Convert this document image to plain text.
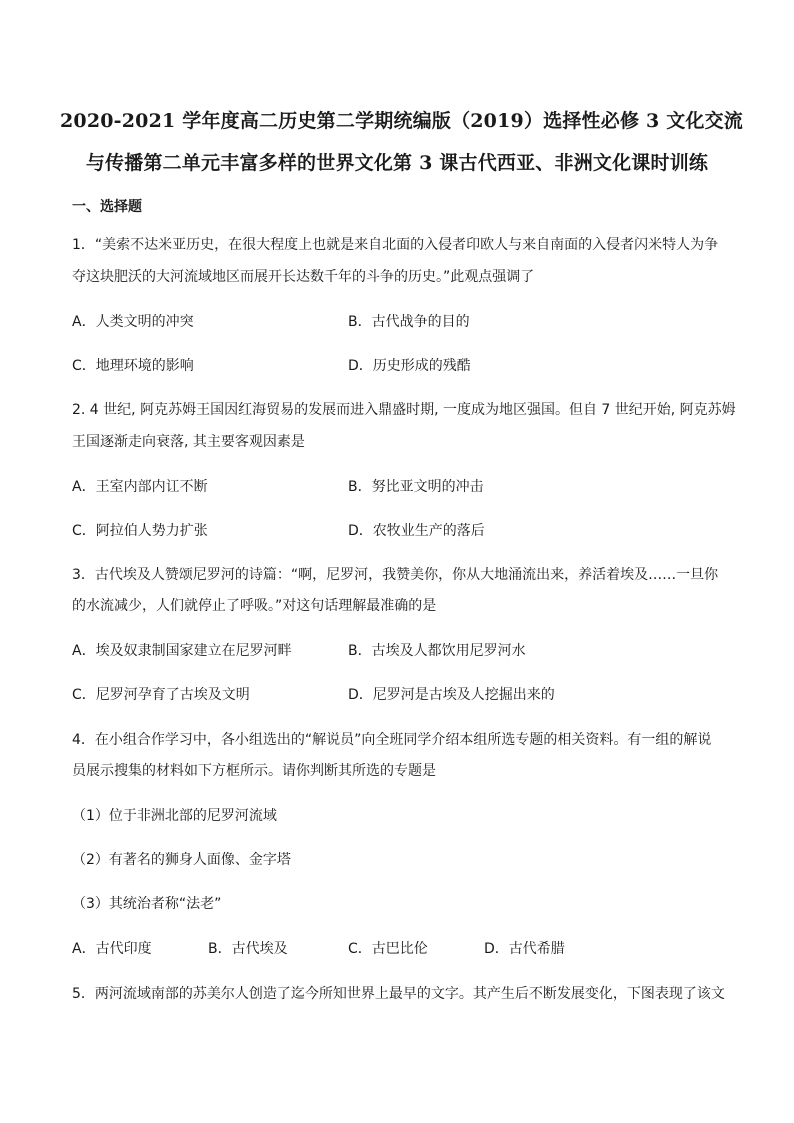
2020-2021 学年度高二历史第二学期统编版（2019）选择性必修 3 文化交流
与传播第二单元丰富多样的世界文化第 3 课古代西亚、非洲文化课时训练
一、选择题
1．“美索不达米亚历史，在很大程度上也就是来自北面的入侵者印欧人与来自南面的入侵者闪米特人为争
夺这块肥沃的大河流域地区而展开长达数千年的斗争的历史。”此观点强调了
A．人类文明的冲突	B．古代战争的目的
C．地理环境的影响	D．历史形成的残酷
2. 4 世纪, 阿克苏姆王国因红海贸易的发展而进入鼎盛时期, 一度成为地区强国。但自 7 世纪开始, 阿克苏姆
王国逐渐走向衰落, 其主要客观因素是
A．王室内部内讧不断	B．努比亚文明的冲击
C．阿拉伯人势力扩张	D．农牧业生产的落后
3．古代埃及人赞颂尼罗河的诗篇：“啊，尼罗河，我赞美你，你从大地涌流出来，养活着埃及……一旦你
的水流减少，人们就停止了呼吸。”对这句话理解最准确的是
A．埃及奴隶制国家建立在尼罗河畔	B．古埃及人都饮用尼罗河水
C．尼罗河孕育了古埃及文明	D．尼罗河是古埃及人挖掘出来的
4．在小组合作学习中，各小组选出的“解说员”向全班同学介绍本组所选专题的相关资料。有一组的解说
员展示搜集的材料如下方框所示。请你判断其所选的专题是
（1）位于非洲北部的尼罗河流域
（2）有著名的狮身人面像、金字塔
（3）其统治者称“法老”
A．古代印度	B．古代埃及	C．古巴比伦	D．古代希腊
5．两河流域南部的苏美尔人创造了迄今所知世界上最早的文字。其产生后不断发展变化，下图表现了该文
